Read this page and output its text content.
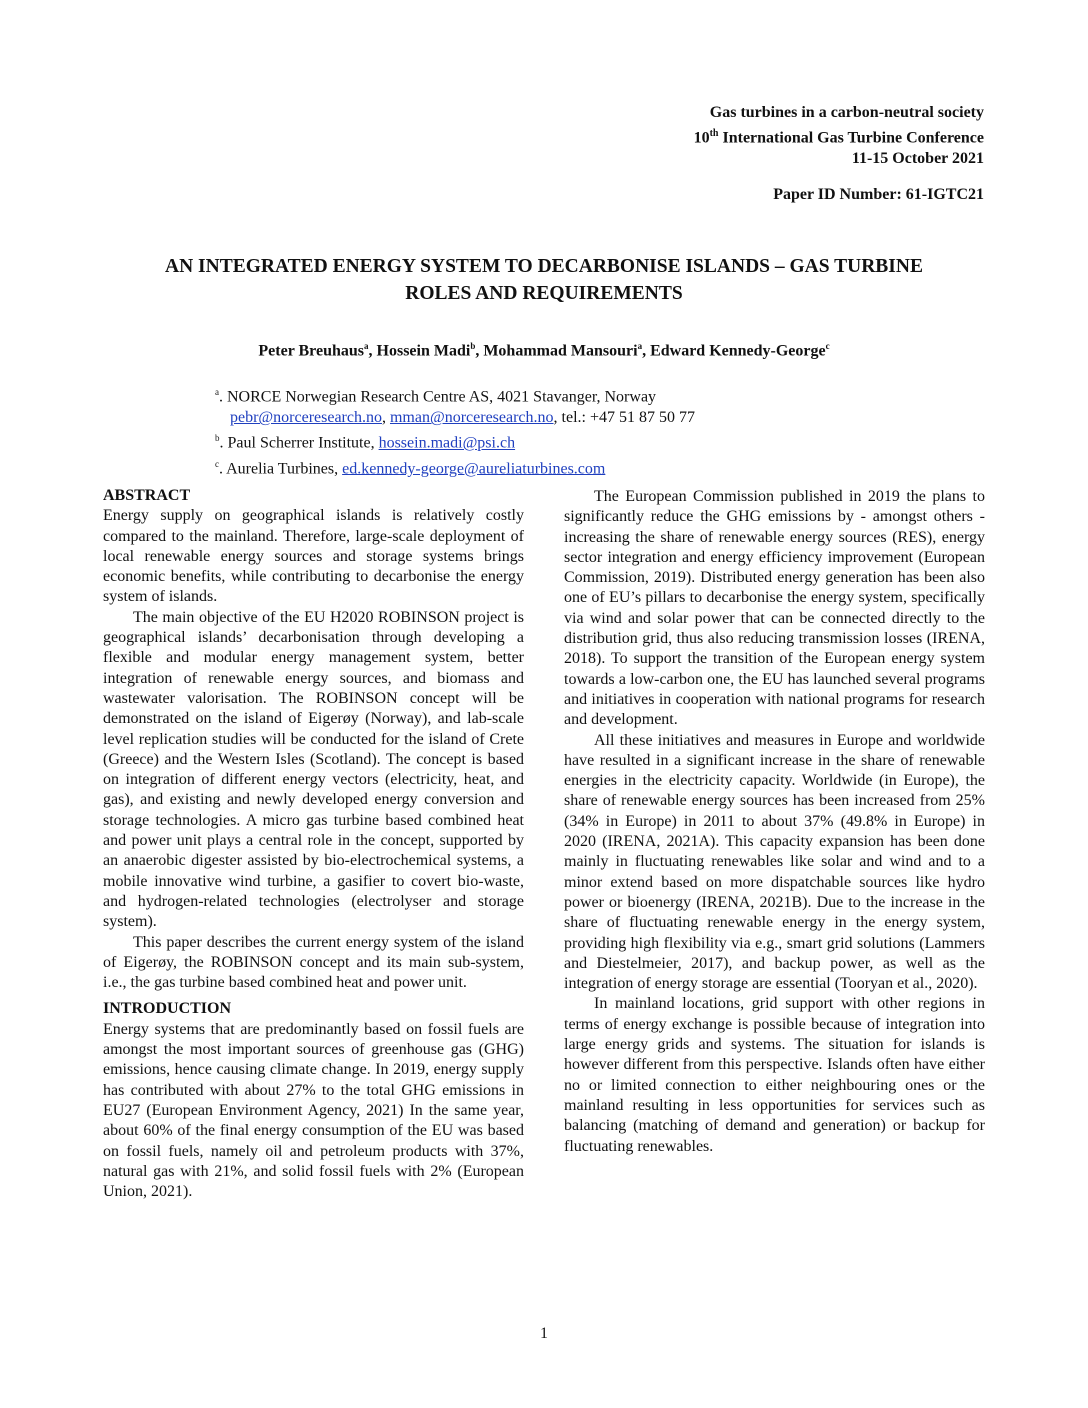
Gas turbines in a carbon-neutral society
10th International Gas Turbine Conference
11-15 October 2021
Paper ID Number: 61-IGTC21
AN INTEGRATED ENERGY SYSTEM TO DECARBONISE ISLANDS – GAS TURBINE
ROLES AND REQUIREMENTS
Peter Breuhaus$^a$, Hossein Madi$^b$, Mohammad Mansouri$^a$, Edward Kennedy-George$^c$
$^a$. NORCE Norwegian Research Centre AS, 4021 Stavanger, Norway
pebr@norceresearch.no, mman@norceresearch.no, tel.: +47 51 87 50 77
$^b$. Paul Scherrer Institute, hossein.madi@psi.ch
$^c$. Aurelia Turbines, ed.kennedy-george@aureliaturbines.com
ABSTRACT

Energy supply on geographical islands is relatively costly compared to the mainland. Therefore, large-scale deployment of local renewable energy sources and storage systems brings economic benefits, while contributing to decarbonise the energy system of islands.

The main objective of the EU H2020 ROBINSON project is geographical islands’ decarbonisation through developing a flexible and modular energy management system, better integration of renewable energy sources, and biomass and wastewater valorisation. The ROBINSON concept will be demonstrated on the island of Eigerøy (Norway), and lab-scale level replication studies will be conducted for the island of Crete (Greece) and the Western Isles (Scotland). The concept is based on integration of different energy vectors (electricity, heat, and gas), and existing and newly developed energy conversion and storage technologies. A micro gas turbine based combined heat and power unit plays a central role in the concept, supported by an anaerobic digester assisted by bio-electrochemical systems, a mobile innovative wind turbine, a gasifier to covert bio-waste, and hydrogen-related technologies (electrolyser and storage system).

This paper describes the current energy system of the island of Eigerøy, the ROBINSON concept and its main sub-system, i.e., the gas turbine based combined heat and power unit.

INTRODUCTION

Energy systems that are predominantly based on fossil fuels are amongst the most important sources of greenhouse gas (GHG) emissions, hence causing climate change. In 2019, energy supply has contributed with about 27% to the total GHG emissions in EU27 (European Environment Agency, 2021) In the same year, about 60% of the final energy consumption of the EU was based on fossil fuels, namely oil and petroleum products with 37%, natural gas with 21%, and solid fossil fuels with 2% (European Union, 2021).

The European Commission published in 2019 the plans to significantly reduce the GHG emissions by - amongst others - increasing the share of renewable energy sources (RES), energy sector integration and energy efficiency improvement (European Commission, 2019). Distributed energy generation has been also one of EU’s pillars to decarbonise the energy system, specifically via wind and solar power that can be connected directly to the distribution grid, thus also reducing transmission losses (IRENA, 2018). To support the transition of the European energy system towards a low-carbon one, the EU has launched several programs and initiatives in cooperation with national programs for research and development.

All these initiatives and measures in Europe and worldwide have resulted in a significant increase in the share of renewable energies in the electricity capacity. Worldwide (in Europe), the share of renewable energy sources has been increased from 25% (34% in Europe) in 2011 to about 37% (49.8% in Europe) in 2020 (IRENA, 2021A). This capacity expansion has been done mainly in fluctuating renewables like solar and wind and to a minor extend based on more dispatchable sources like hydro power or bioenergy (IRENA, 2021B). Due to the increase in the share of fluctuating renewable energy in the energy system, providing high flexibility via e.g., smart grid solutions (Lammers and Diestelmeier, 2017), and backup power, as well as the integration of energy storage are essential (Tooryan et al., 2020).

In mainland locations, grid support with other regions in terms of energy exchange is possible because of integration into large energy grids and systems. The situation for islands is however different from this perspective. Islands often have either no or limited connection to either neighbouring ones or the mainland resulting in less opportunities for services such as balancing (matching of demand and generation) or backup for fluctuating renewables.

1
